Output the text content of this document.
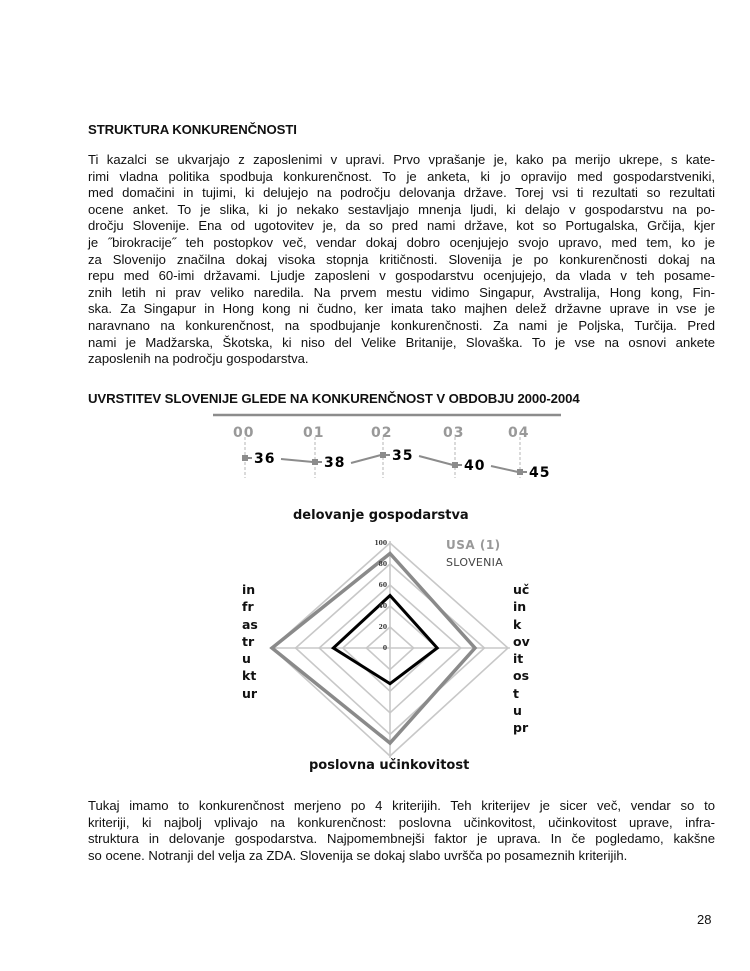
STRUKTURA KONKURENČNOSTI
Ti kazalci se ukvarjajo z zaposlenimi v upravi. Prvo vprašanje je, kako pa merijo ukrepe, s kate-
rimi vladna politika spodbuja konkurenčnost. To je anketa, ki jo opravijo med gospodarstveniki,
med domačini in tujimi, ki delujejo na področju delovanja države. Torej vsi ti rezultati so rezultati
ocene anket. To je slika, ki jo nekako sestavljajo mnenja ljudi, ki delajo v gospodarstvu na po-
dročju Slovenije. Ena od ugotovitev je, da so pred nami države, kot so Portugalska, Grčija, kjer
je ˝birokracije˝ teh postopkov več, vendar dokaj dobro ocenjujejo svojo upravo, med tem, ko je
za Slovenijo značilna dokaj visoka stopnja kritičnosti. Slovenija je po konkurenčnosti dokaj na
repu med 60-imi državami. Ljudje zaposleni v gospodarstvu ocenjujejo, da vlada v teh posame-
znih letih ni prav veliko naredila. Na prvem mestu vidimo Singapur, Avstralija, Hong kong, Fin-
ska. Za Singapur in Hong kong ni čudno, ker imata tako majhen delež državne uprave in vse je
naravnano na konkurenčnost, na spodbujanje konkurenčnosti. Za nami je Poljska, Turčija. Pred
nami je Madžarska, Škotska, ki niso del Velike Britanije, Slovaška. To je vse na osnovi ankete
zaposlenih na področju gospodarstva.
UVRSTITEV SLOVENIJE GLEDE NA KONKURENČNOST V OBDOBJU 2000-2004
00	01	02	03	04
36	38	35
40	45
0
20
40
60
80
100	USA (1)
SLOVENIA
delovanje gospodarstva
poslovna učinkovitost
in
fr
as
tr
u
kt
ur
uč
in
k
ov
it
os
t
u
pr
Tukaj imamo to konkurenčnost merjeno po 4 kriterijih. Teh kriterijev je sicer več, vendar so to
kriteriji, ki najbolj vplivajo na konkurenčnost: poslovna učinkovitost, učinkovitost uprave, infra-
struktura in delovanje gospodarstva. Najpomembnejši faktor je uprava. In če pogledamo, kakšne
so ocene. Notranji del velja za ZDA. Slovenija se dokaj slabo uvršča po posameznih kriterijih.
28
